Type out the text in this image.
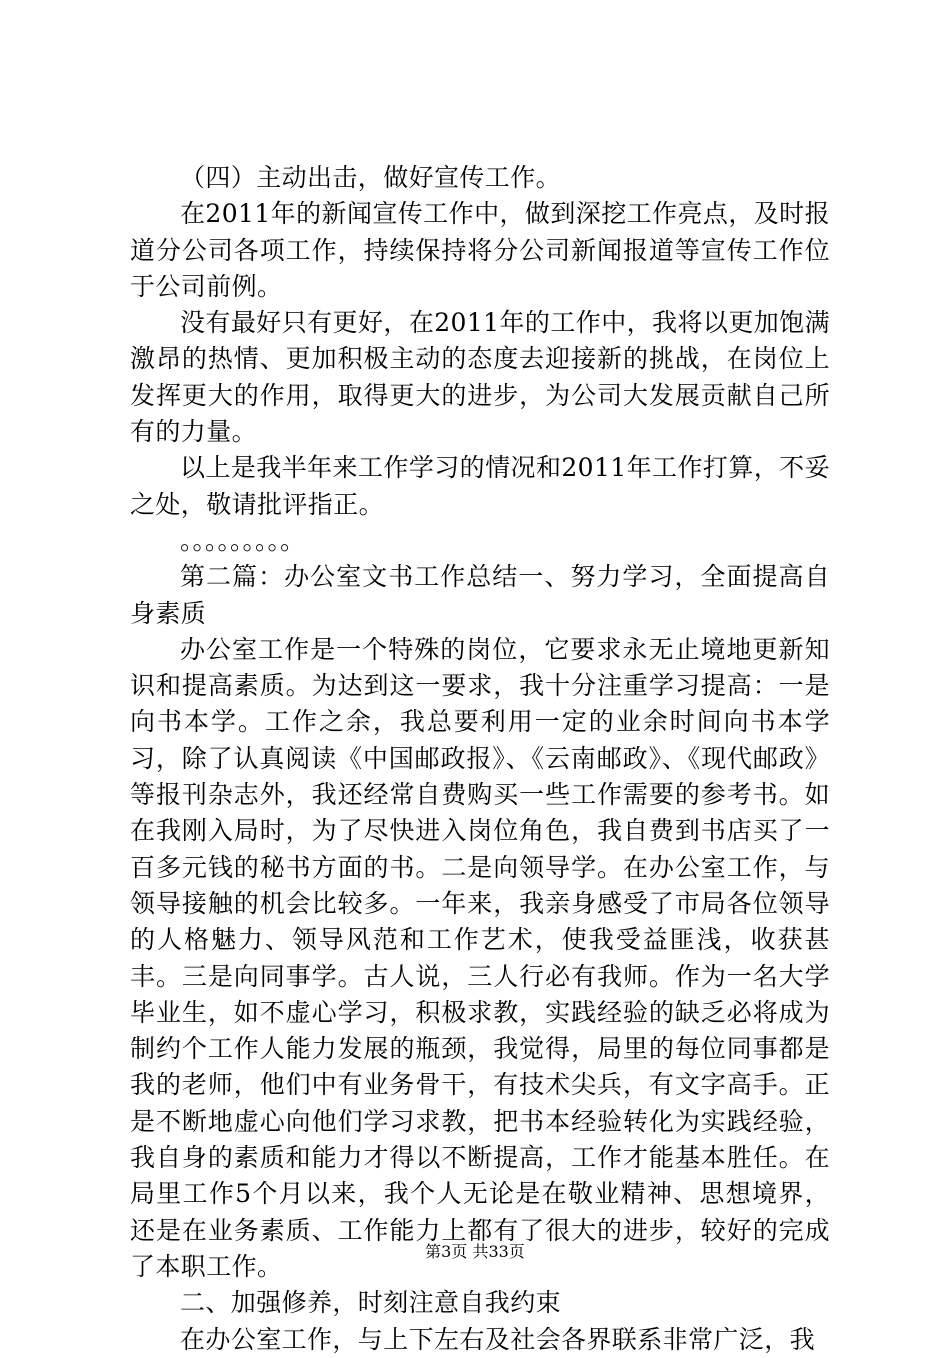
（四）主动出击，做好宣传工作。

在2011年的新闻宣传工作中，做到深挖工作亮点，及时报道分公司各项工作，持续保持将分公司新闻报道等宣传工作位于公司前例。

没有最好只有更好，在2011年的工作中，我将以更加饱满激昂的热情、更加积极主动的态度去迎接新的挑战，在岗位上发挥更大的作用，取得更大的进步，为公司大发展贡献自己所有的力量。

以上是我半年来工作学习的情况和2011年工作打算，不妥之处，敬请批评指正。

。。。。。。。。。

第二篇：办公室文书工作总结一、努力学习，全面提高自身素质

办公室工作是一个特殊的岗位，它要求永无止境地更新知识和提高素质。为达到这一要求，我十分注重学习提高：一是向书本学。工作之余，我总要利用一定的业余时间向书本学习，除了认真阅读《中国邮政报》、《云南邮政》、《现代邮政》等报刊杂志外，我还经常自费购买一些工作需要的参考书。如在我刚入局时，为了尽快进入岗位角色，我自费到书店买了一百多元钱的秘书方面的书。二是向领导学。在办公室工作，与领导接触的机会比较多。一年来，我亲身感受了市局各位领导的人格魅力、领导风范和工作艺术，使我受益匪浅，收获甚丰。三是向同事学。古人说，三人行必有我师。作为一名大学毕业生，如不虚心学习，积极求教，实践经验的缺乏必将成为制约个工作人能力发展的瓶颈，我觉得，局里的每位同事都是我的老师，他们中有业务骨干，有技术尖兵，有文字高手。正是不断地虚心向他们学习求教，把书本经验转化为实践经验，我自身的素质和能力才得以不断提高，工作才能基本胜任。在局里工作5个月以来，我个人无论是在敬业精神、思想境界，还是在业务素质、工作能力上都有了很大的进步，较好的完成了本职工作。

二、加强修养，时刻注意自我约束

在办公室工作，与上下左右及社会各界联系非常广泛，我

第3页 共33页
